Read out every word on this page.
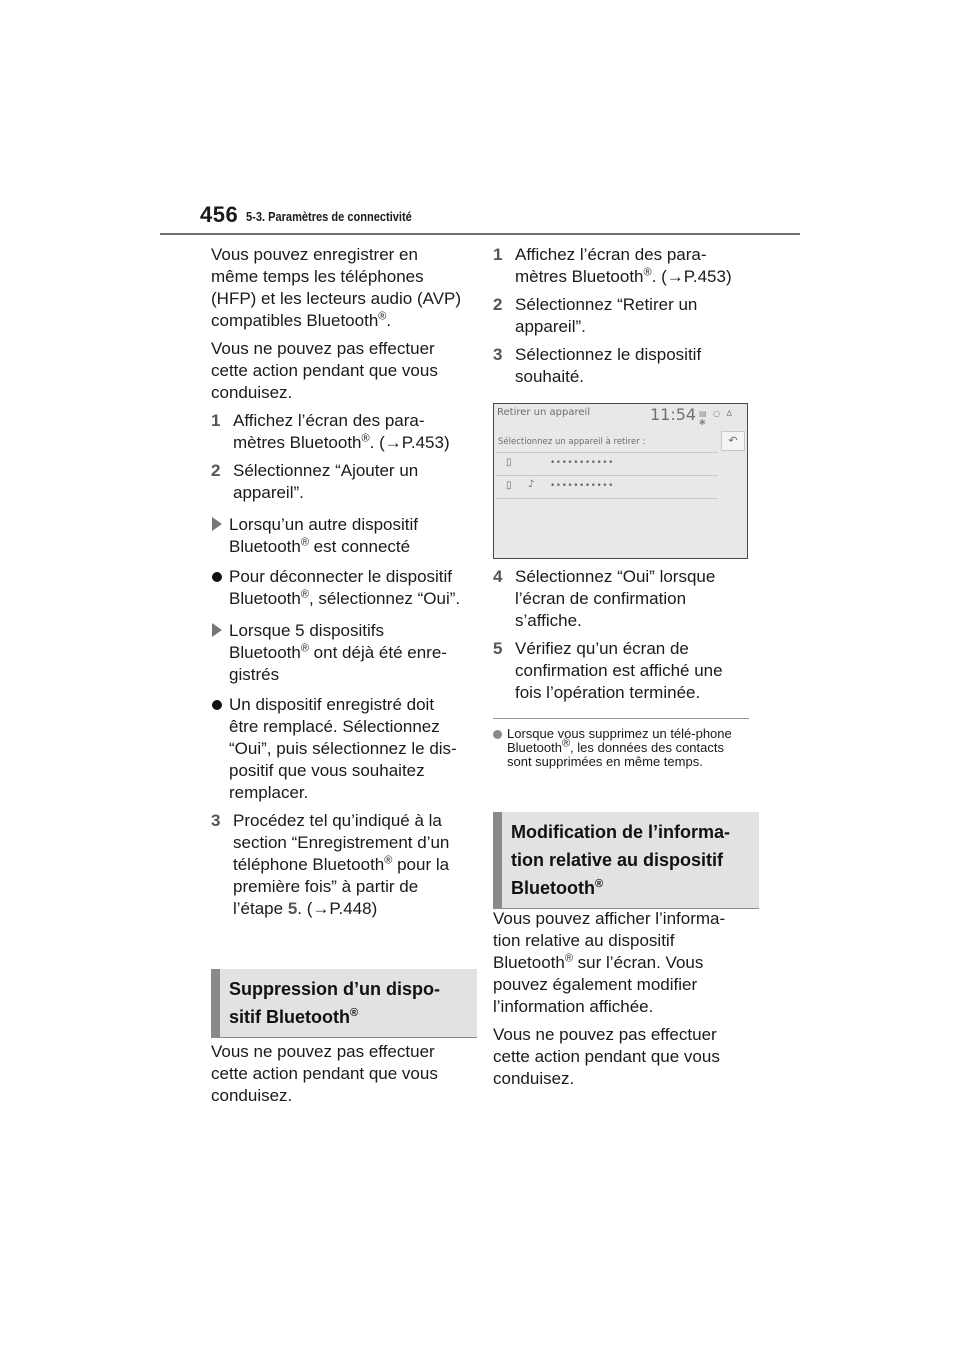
456 5-3. Paramètres de connectivité

Vous pouvez enregistrer en même temps les téléphones (HFP) et les lecteurs audio (AVP) compatibles Bluetooth®.

Vous ne pouvez pas effectuer cette action pendant que vous conduisez.

1 Affichez l’écran des para-mètres Bluetooth®. (→P.453)
2 Sélectionnez “Ajouter un appareil”.
Lorsqu’un autre dispositif Bluetooth® est connecté
Pour déconnecter le dispositif Bluetooth®, sélectionnez “Oui”.
Lorsque 5 dispositifs Bluetooth® ont déjà été enre-gistrés
Un dispositif enregistré doit être remplacé. Sélectionnez “Oui”, puis sélectionnez le dis-positif que vous souhaitez remplacer.
3 Procédez tel qu’indiqué à la section “Enregistrement d’un téléphone Bluetooth® pour la première fois” à partir de l’étape 5. (→P.448)
Suppression d’un dispo-sitif Bluetooth®
Vous ne pouvez pas effectuer cette action pendant que vous conduisez.
1 Affichez l’écran des para-mètres Bluetooth®. (→P.453)
2 Sélectionnez “Retirer un appareil”.
3 Sélectionnez le dispositif souhaité.
Retirer un appareil	11:54 ▤ ○ ∆ ✱
Sélectionnez un appareil à retirer :	↶
▯	•••••••••••
▯ ♪ •••••••••••
4 Sélectionnez “Oui” lorsque l’écran de confirmation s’affiche.
5 Vérifiez qu’un écran de confirmation est affiché une fois l’opération terminée.
Lorsque vous supprimez un télé-phone Bluetooth®, les données des contacts sont supprimées en même temps.
Modification de l’informa-tion relative au dispositif Bluetooth®

Vous pouvez afficher l’informa-tion relative au dispositif Bluetooth® sur l’écran. Vous pouvez également modifier l’information affichée.

Vous ne pouvez pas effectuer cette action pendant que vous conduisez.
